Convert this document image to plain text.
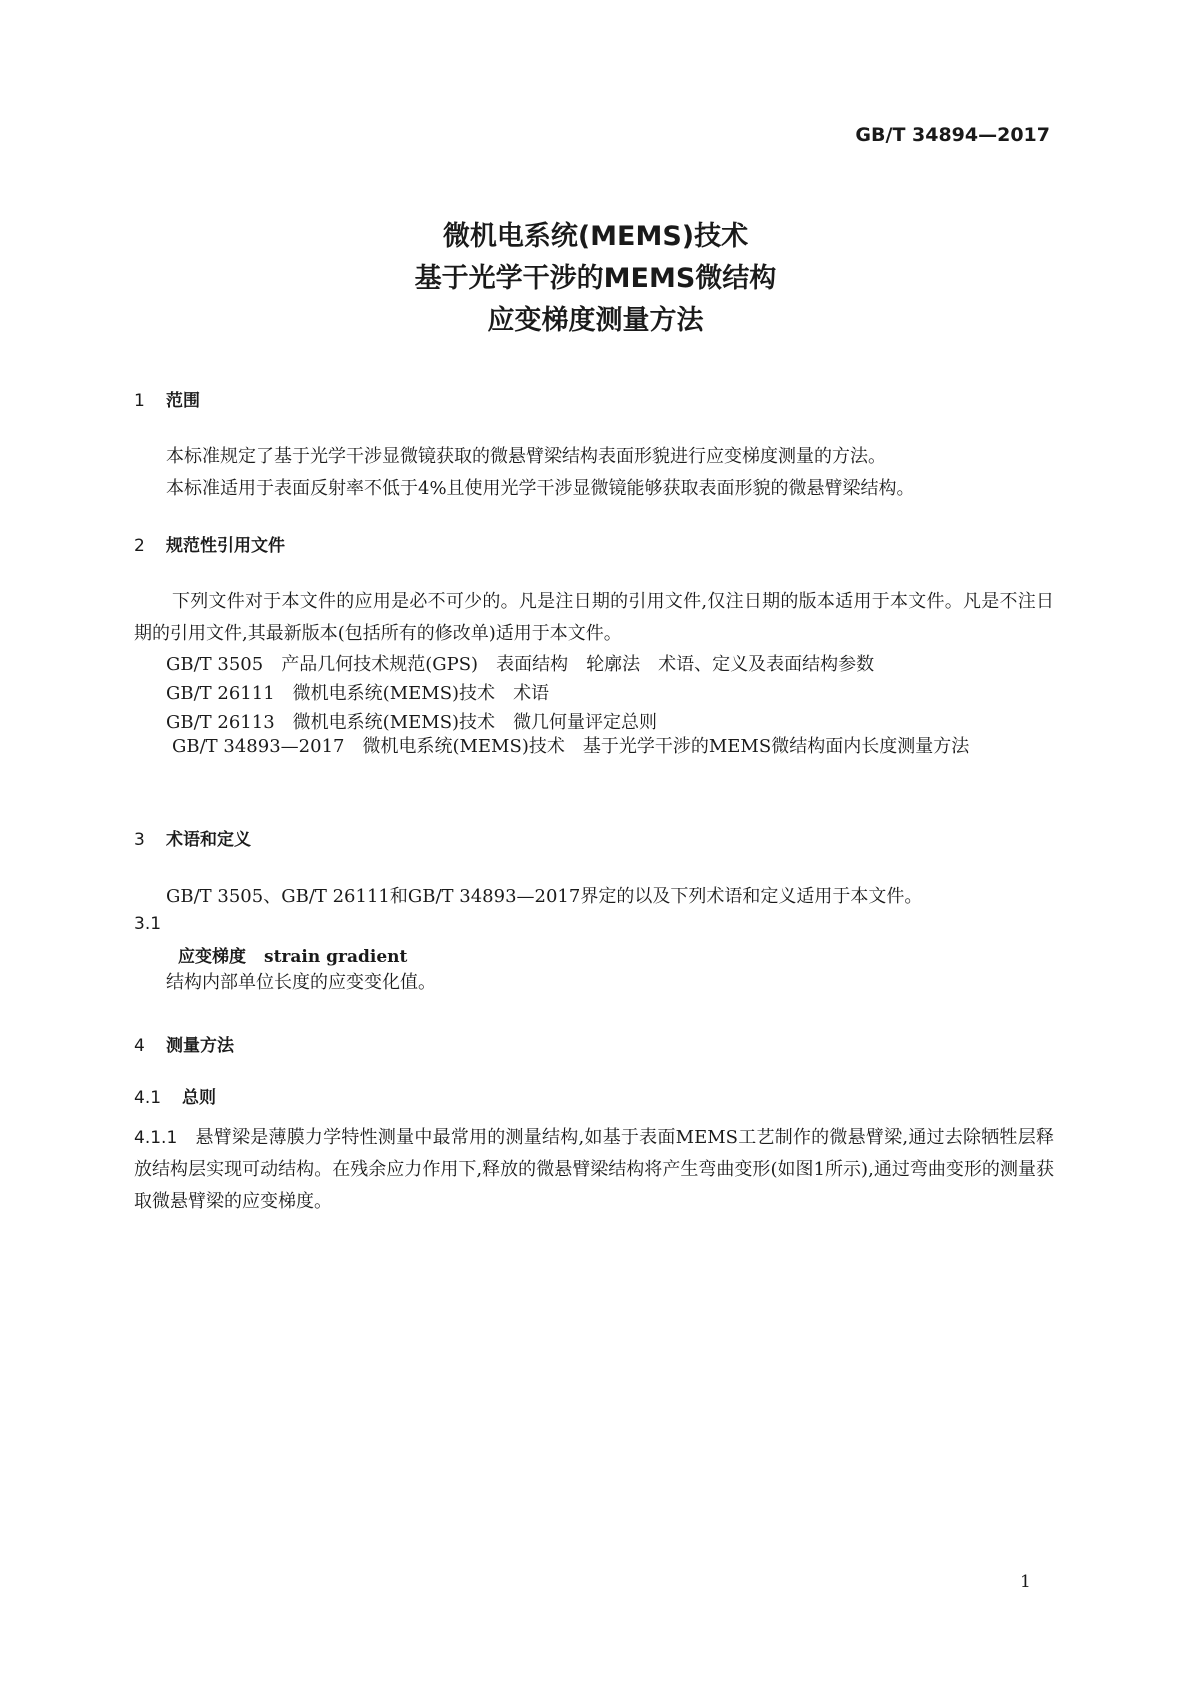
GB/T 34894—2017
微机电系统(MEMS)技术
基于光学干涉的MEMS微结构
应变梯度测量方法
1 范围
本标准规定了基于光学干涉显微镜获取的微悬臂梁结构表面形貌进行应变梯度测量的方法。
本标准适用于表面反射率不低于4%且使用光学干涉显微镜能够获取表面形貌的微悬臂梁结构。
2 规范性引用文件
下列文件对于本文件的应用是必不可少的。凡是注日期的引用文件,仅注日期的版本适用于本文件。凡是不注日期的引用文件,其最新版本(包括所有的修改单)适用于本文件。
GB/T 3505 产品几何技术规范(GPS) 表面结构 轮廓法 术语、定义及表面结构参数
GB/T 26111 微机电系统(MEMS)技术 术语
GB/T 26113 微机电系统(MEMS)技术 微几何量评定总则
GB/T 34893—2017 微机电系统(MEMS)技术 基于光学干涉的MEMS微结构面内长度测量方法
3 术语和定义
GB/T 3505、GB/T 26111和GB/T 34893—2017界定的以及下列术语和定义适用于本文件。
3.1
应变梯度 strain gradient
结构内部单位长度的应变变化值。
4 测量方法
4.1 总则
4.1.1 悬臂梁是薄膜力学特性测量中最常用的测量结构,如基于表面MEMS工艺制作的微悬臂梁,通过去除牺牲层释放结构层实现可动结构。在残余应力作用下,释放的微悬臂梁结构将产生弯曲变形(如图1所示),通过弯曲变形的测量获取微悬臂梁的应变梯度。
1
